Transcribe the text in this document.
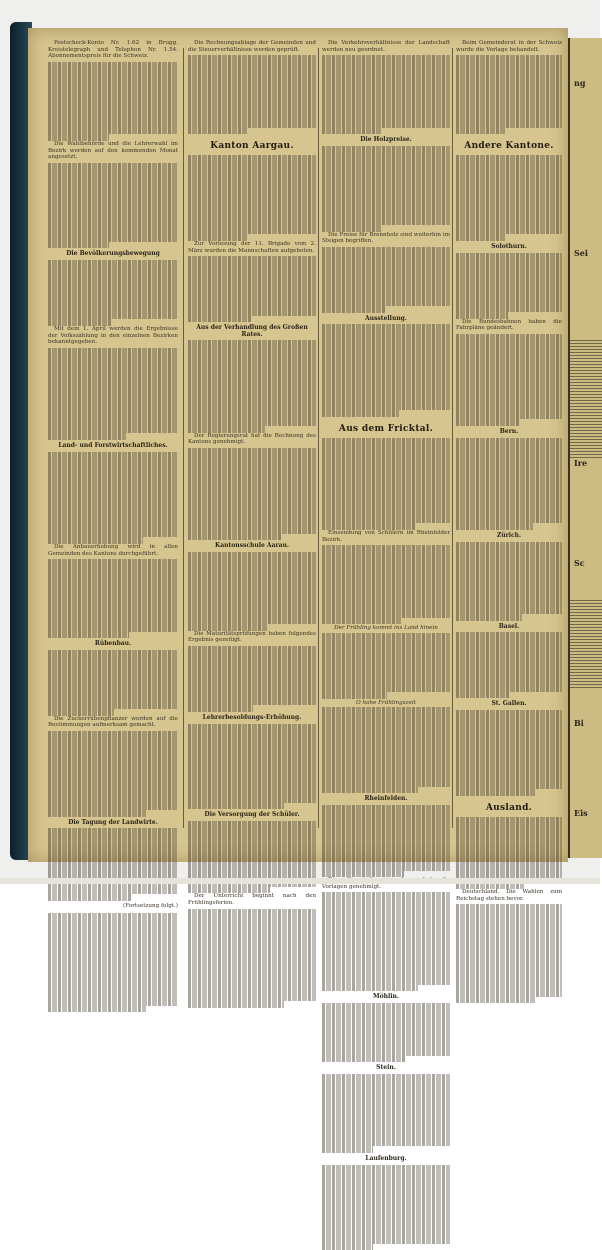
ng
Sei
Ire
Sc
Bi
Eis
Postscheck-Konto Nr. 1.62 in Brugg. Kreistelegraph und Telephon Nr. 1.54. Abonnementspreis für die Schweiz.
Die Wahlbehörde und die Lehrerwahl im Bezirk werden auf den kommenden Monat angesetzt.
Die Bevölkerungsbewegung
Mit dem 1. April werden die Ergebnisse der Volkszählung in den einzelnen Bezirken bekanntgegeben.
Land- und Forstwirtschaftliches.
Die Anbauerhebung wird in allen Gemeinden des Kantons durchgeführt.
Rübenbau.
Die Zuckerrübenpflanzer werden auf die Bestimmungen aufmerksam gemacht.
Die Tagung der Landwirte.
(Fortsetzung folgt.)
Die Rechnungsablage der Gemeinden und die Steuerverhältnisse werden geprüft.
Kanton Aargau.
Zur Vorlesung der 11. Brigade vom 2. März wurden die Mannschaften aufgeboten.
Aus der Verhandlung des Großen Rates.
Der Regierungsrat hat die Rechnung des Kantons genehmigt.
Kantonsschule Aarau.
Die Maturitätsprüfungen haben folgendes Ergebnis gezeitigt.
Lehrerbesoldungs-Erhöhung.
Die Versorgung der Schüler.
Der Unterricht beginnt nach den Frühlingsferien.
Die Verkehrsverhältnisse der Landschaft werden neu geordnet.
Die Holzpreise.
Die Preise für Brennholz sind weiterhin im Steigen begriffen.
Ausstellung.
Aus dem Fricktal.
Einsendung von Schülern im Rheinfelder Bezirk.
Der Frühling kommt ins Land hinein
O hohe Frühlingszeit
Rheinfelden.
Vorlagen genehmigt.
Möhlin.
Stein.
Laufenburg.
Beim Gemeinderat in der Schweiz wurde die Vorlage behandelt.
Andere Kantone.
Solothurn.
Die Bundesbahnen haben die Fahrpläne geändert.
Bern.
Zürich.
Basel.
St. Gallen.
Ausland.
Deutschland. Die Wahlen zum Reichstag stehen bevor.
